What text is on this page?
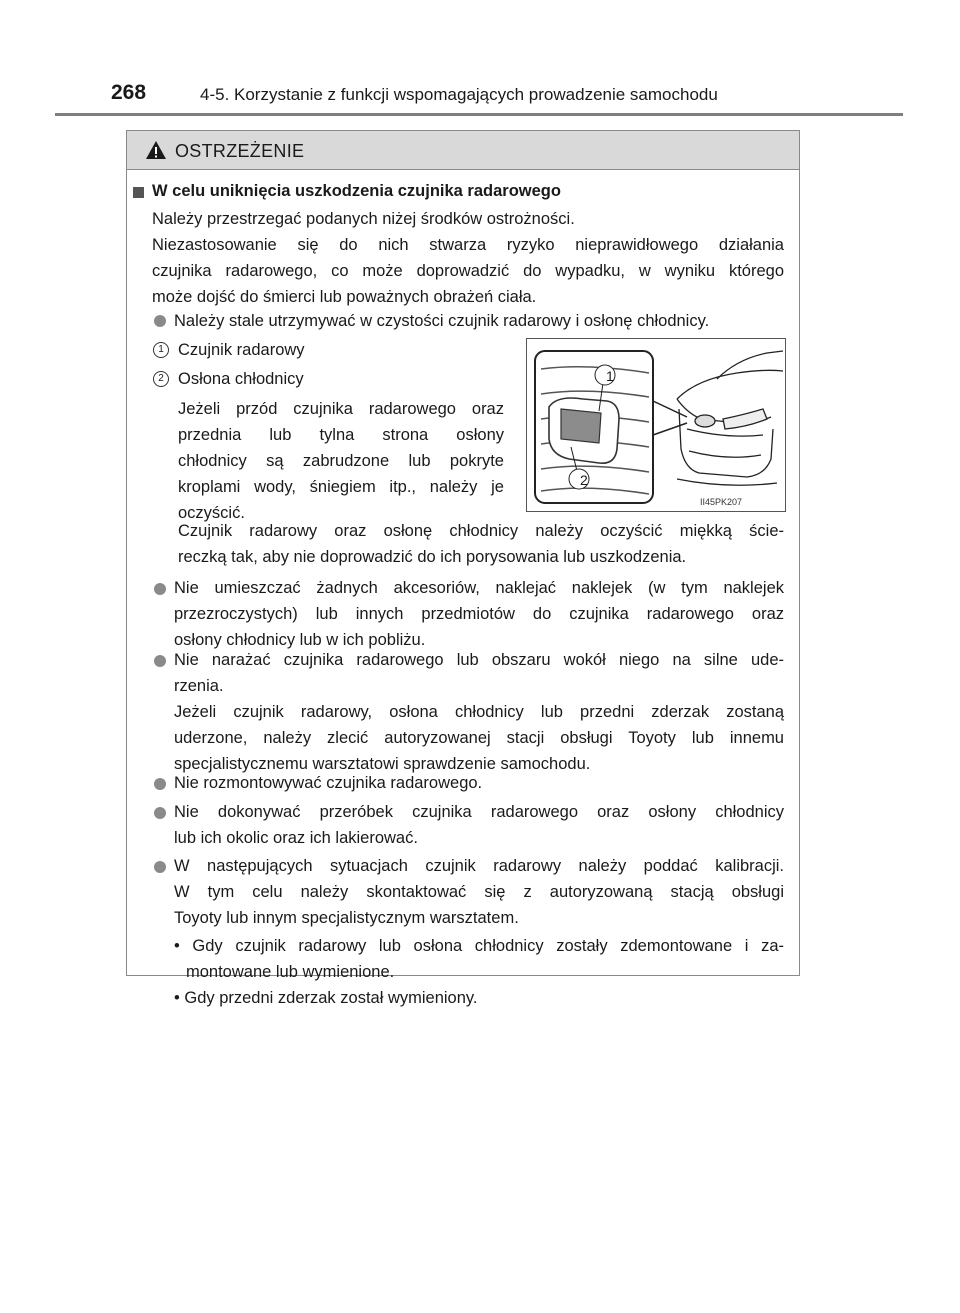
268	4-5. Korzystanie z funkcji wspomagających prowadzenie samochodu
OSTRZEŻENIE
W celu uniknięcia uszkodzenia czujnika radarowego
Należy przestrzegać podanych niżej środków ostrożności.
Niezastosowanie się do nich stwarza ryzyko nieprawidłowego działania
czujnika radarowego, co może doprowadzić do wypadku, w wyniku którego
może dojść do śmierci lub poważnych obrażeń ciała.
Należy stale utrzymywać w czystości czujnik radarowy i osłonę chłodnicy.
1 Czujnik radarowy
2 Osłona chłodnicy
Jeżeli przód czujnika radarowego oraz
przednia lub tylna strona osłony
chłodnicy są zabrudzone lub pokryte
kroplami wody, śniegiem itp., należy je
oczyścić.
1
2
II45PK207
Czujnik radarowy oraz osłonę chłodnicy należy oczyścić miękką ście-
reczką tak, aby nie doprowadzić do ich porysowania lub uszkodzenia.
Nie umieszczać żadnych akcesoriów, naklejać naklejek (w tym naklejek
przezroczystych) lub innych przedmiotów do czujnika radarowego oraz
osłony chłodnicy lub w ich pobliżu.
Nie narażać czujnika radarowego lub obszaru wokół niego na silne ude-
rzenia.
Jeżeli czujnik radarowy, osłona chłodnicy lub przedni zderzak zostaną
uderzone, należy zlecić autoryzowanej stacji obsługi Toyoty lub innemu
specjalistycznemu warsztatowi sprawdzenie samochodu.
Nie rozmontowywać czujnika radarowego.
Nie dokonywać przeróbek czujnika radarowego oraz osłony chłodnicy
lub ich okolic oraz ich lakierować.
W następujących sytuacjach czujnik radarowy należy poddać kalibracji.
W tym celu należy skontaktować się z autoryzowaną stacją obsługi
Toyoty lub innym specjalistycznym warsztatem.
• Gdy czujnik radarowy lub osłona chłodnicy zostały zdemontowane i za-
montowane lub wymienione.
• Gdy przedni zderzak został wymieniony.
